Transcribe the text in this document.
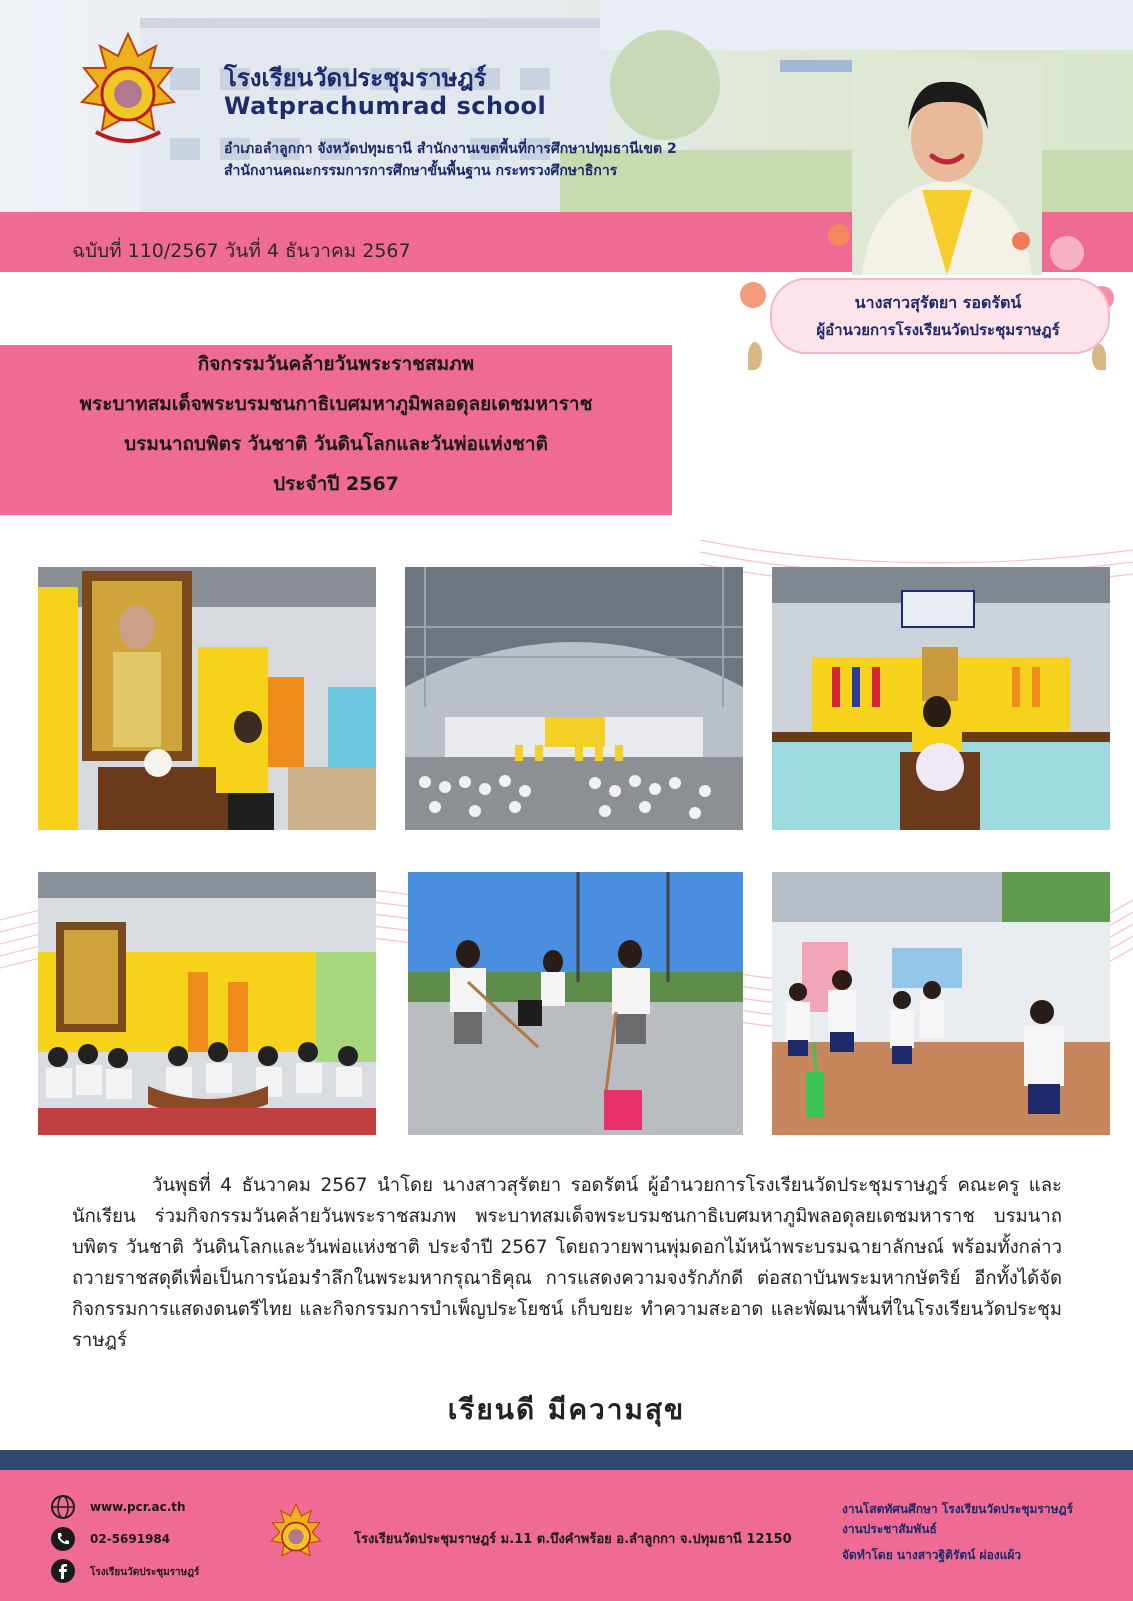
โรงเรียนวัดประชุมราษฎร์
Watprachumrad school
อำเภอลำลูกกา จังหวัดปทุมธานี สำนักงานเขตพื้นที่การศึกษาปทุมธานีเขต 2
สำนักงานคณะกรรมการการศึกษาขั้นพื้นฐาน กระทรวงศึกษาธิการ
ฉบับที่ 110/2567 วันที่ 4 ธันวาคม 2567
นางสาวสุรัตยา รอดรัตน์
ผู้อำนวยการโรงเรียนวัดประชุมราษฎร์
กิจกรรมวันคล้ายวันพระราชสมภพ
พระบาทสมเด็จพระบรมชนกาธิเบศมหาภูมิพลอดุลยเดชมหาราช
บรมนาถบพิตร วันชาติ วันดินโลกและวันพ่อแห่งชาติ
ประจำปี 2567
วันพุธที่ 4 ธันวาคม 2567 นำโดย นางสาวสุรัตยา รอดรัตน์ ผู้อำนวยการโรงเรียนวัดประชุมราษฎร์ คณะครู และนักเรียน ร่วมกิจกรรมวันคล้ายวันพระราชสมภพ พระบาทสมเด็จพระบรมชนกาธิเบศมหาภูมิพลอดุลยเดชมหาราช บรมนาถบพิตร วันชาติ วันดินโลกและวันพ่อแห่งชาติ ประจำปี 2567 โดยถวายพานพุ่มดอกไม้หน้าพระบรมฉายาลักษณ์ พร้อมทั้งกล่าวถวายราชสดุดีเพื่อเป็นการน้อมรำลึกในพระมหากรุณาธิคุณ การแสดงความจงรักภักดี ต่อสถาบันพระมหากษัตริย์ อีกทั้งได้จัดกิจกรรมการแสดงดนตรีไทย และกิจกรรมการบำเพ็ญประโยชน์ เก็บขยะ ทำความสะอาด และพัฒนาพื้นที่ในโรงเรียนวัดประชุมราษฎร์
เรียนดี มีความสุข
www.pcr.ac.th
02-5691984
โรงเรียนวัดประชุมราษฎร์
โรงเรียนวัดประชุมราษฎร์ ม.11 ต.บึงคำพร้อย อ.ลำลูกกา จ.ปทุมธานี 12150
งานโสตทัศนศึกษา โรงเรียนวัดประชุมราษฎร์
งานประชาสัมพันธ์
จัดทำโดย นางสาวฐิติรัตน์ ผ่องแผ้ว
